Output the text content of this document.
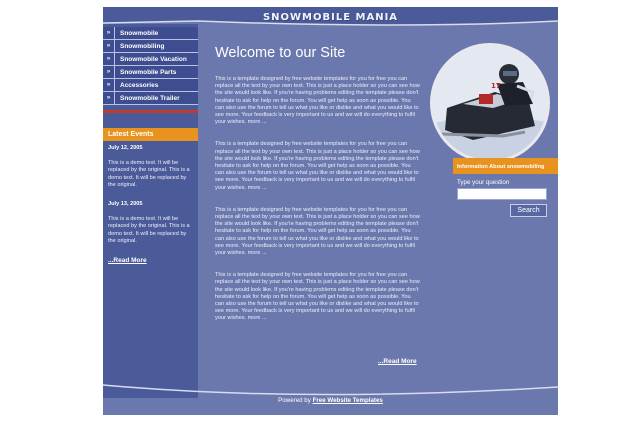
SNOWMOBILE MANIA
»	Snowmobile
»	Snowmobiling
»	Snowmobile Vacation
»	Snowmobile Parts
»	Accessories
»	Snowmobile Trailer
Latest Events
July 12, 2005
This is a demo text. It will be replaced by the original. This is a demo text. It will be replaced by the original.
July 13, 2005
This is a demo text. It will be replaced by the original. This is a demo text. It will be replaced by the original.
...Read More
Welcome to our Site

This is a template designed by free website templates for you for free you can replace all the text by your own text. This is just a place holder so you can see how the site would look like. If you're having problems editing the template please don't hesitate to ask for help on the forum. You will get help as soon as possible. You can also use the forum to tell us what you like or dislike and what you would like to see more. Your feedback is very important to us and we will do everything to fulfil your wishes. more ...

This is a template designed by free website templates for you for free you can replace all the text by your own text. This is just a place holder so you can see how the site would look like. If you're having problems editing the template please don't hesitate to ask for help on the forum. You will get help as soon as possible. You can also use the forum to tell us what you like or dislike and what you would like to see more. Your feedback is very important to us and we will do everything to fulfil your wishes. more ...

This is a template designed by free website templates for you for free you can replace all the text by your own text. This is just a place holder so you can see how the site would look like. If you're having problems editing the template please don't hesitate to ask for help on the forum. You will get help as soon as possible. You can also use the forum to tell us what you like or dislike and what you would like to see more. Your feedback is very important to us and we will do everything to fulfil your wishes. more ...

This is a template designed by free website templates for you for free you can replace all the text by your own text. This is just a place holder so you can see how the site would look like. If you're having problems editing the template please don't hesitate to ask for help on the forum. You will get help as soon as possible. You can also use the forum to tell us what you like or dislike and what you would like to see more. Your feedback is very important to us and we will do everything to fulfil your wishes. more ...

...Read More
17
Information About snowmobiling
Type your question
Search
Powered by Free Website Templates
